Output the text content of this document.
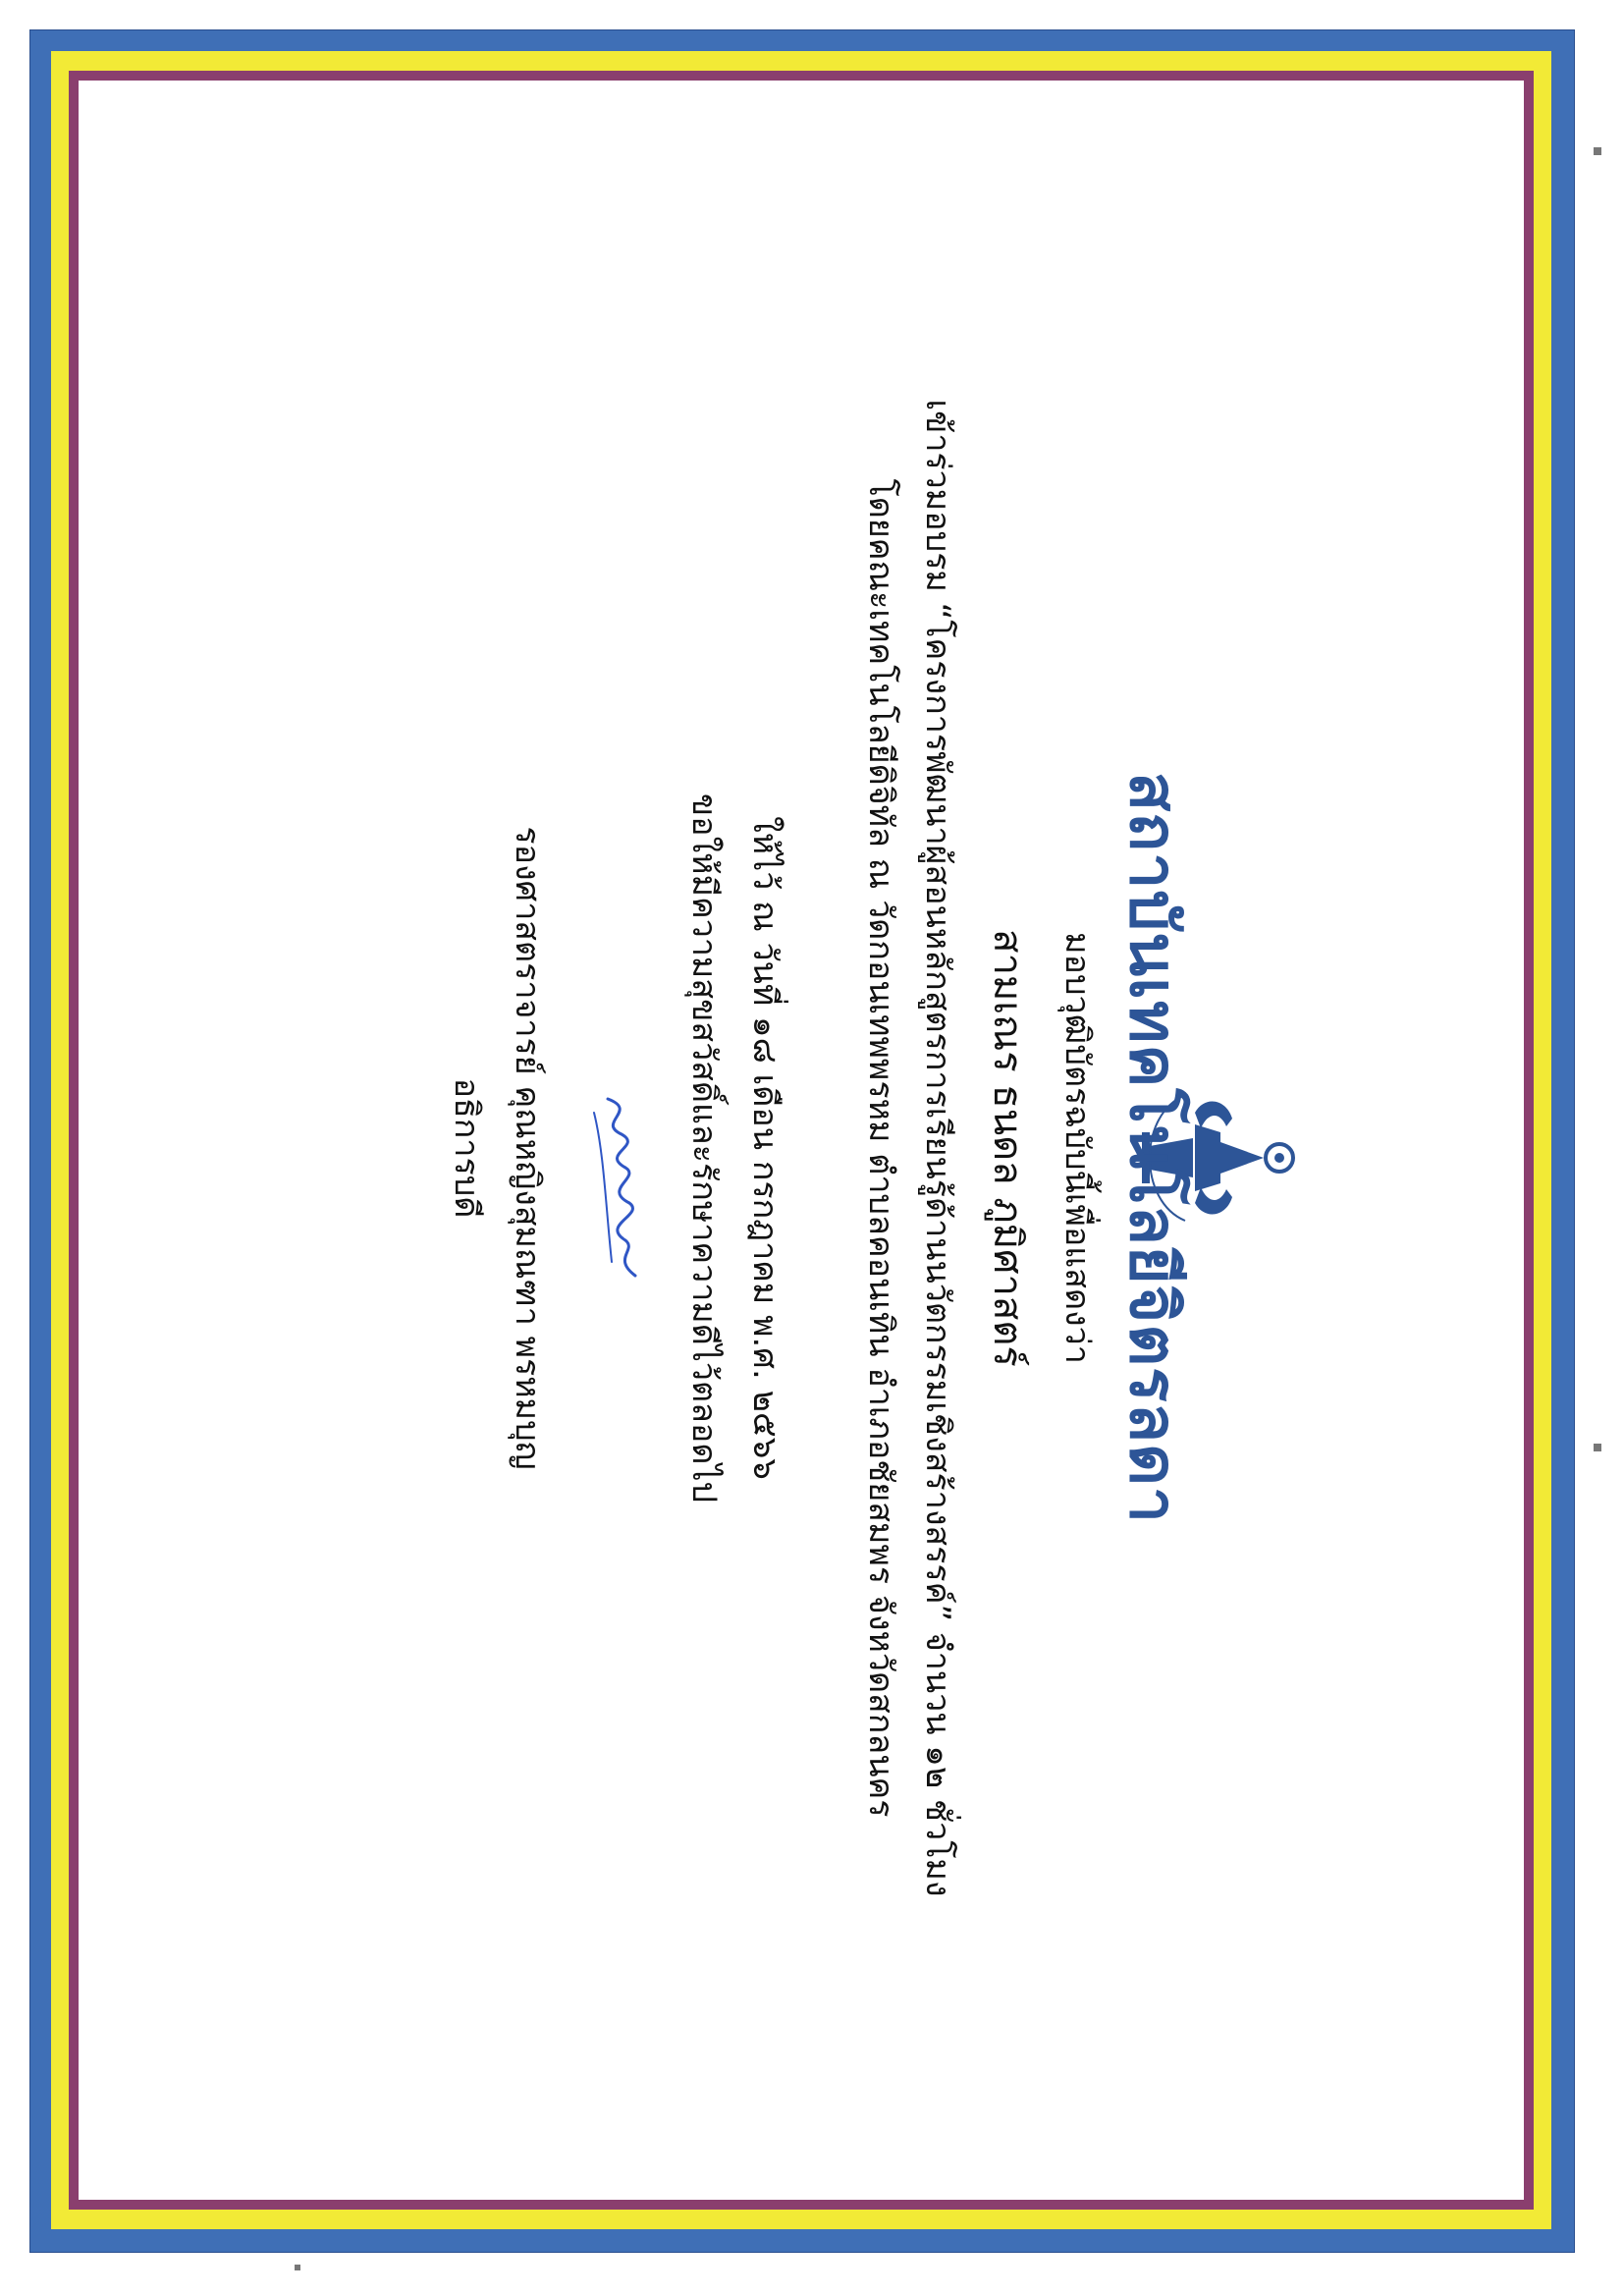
สถาบันเทคโนโลยีจิตรลดา
มอบวุฒิบัตรฉบับนี้เพื่อแสดงว่า
สามเณร ธนดล ภูมิศาสตร์
เข้าร่วมอบรม “โครงการพัฒนาผู้สอนหลักสูตรการเรียนรู้ด้านนวัตกรรมเชิงสร้างสรรค์” จำนวน ๑๒ ชั่วโมง
โดยคณะเทคโนโลยีดิจิทัล ณ วัดกอนเทพพรหม ตำบลคอนเทิน อำเภอชัยสมพร จังหวัดสกลนคร
ให้ไว้ ณ วันที่ ๑๘ เดือน กรกฎาคม พ.ศ. ๒๕๖๖
ขอให้มีความสุขสวัสดิ์และรักษาความดีไว้ตลอดไป
รองศาสตราจารย์ คุณหญิงสุมณฑา พรหมบุญ
อธิการบดี
